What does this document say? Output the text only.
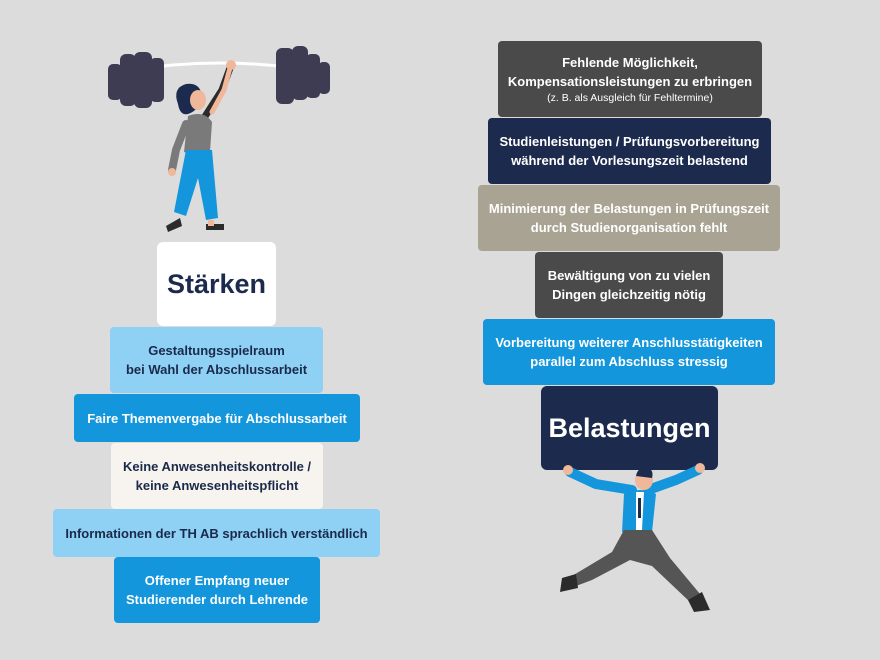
Stärken
Gestaltungsspielraum
bei Wahl der Abschlussarbeit
Faire Themenvergabe für Abschlussarbeit
Keine Anwesenheitskontrolle /
keine Anwesenheitspflicht
Informationen der TH AB sprachlich verständlich
Offener Empfang neuer
Studierender durch Lehrende
Fehlende Möglichkeit,
Kompensationsleistungen zu erbringen
(z. B. als Ausgleich für Fehltermine)
Studienleistungen / Prüfungsvorbereitung
während der Vorlesungszeit belastend
Minimierung der Belastungen in Prüfungszeit
durch Studienorganisation fehlt
Bewältigung von zu vielen
Dingen gleichzeitig nötig
Vorbereitung weiterer Anschlusstätigkeiten
parallel zum Abschluss stressig
Belastungen
